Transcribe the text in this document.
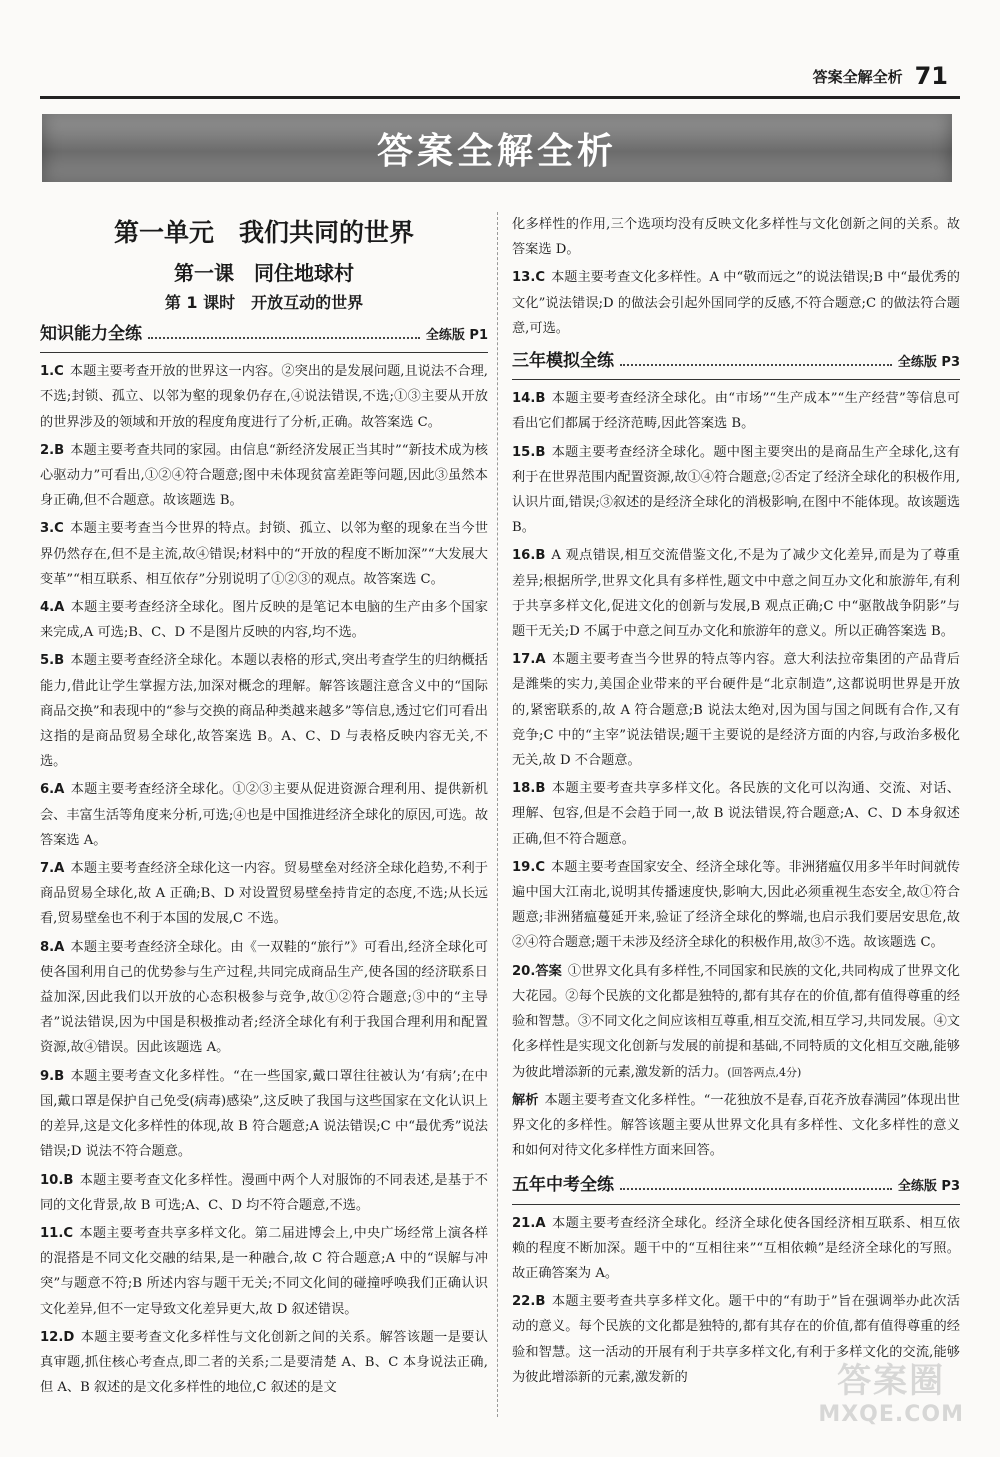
答案全解全析 71
答案全解全析
第一单元　我们共同的世界
第一课　同住地球村
第 1 课时　开放互动的世界
知识能力全练	全练版 P1
1.C 本题主要考查开放的世界这一内容。②突出的是发展问题,且说法不合理,不选;封锁、孤立、以邻为壑的现象仍存在,④说法错误,不选;①③主要从开放的世界涉及的领域和开放的程度角度进行了分析,正确。故答案选 C。
2.B 本题主要考查共同的家园。由信息“新经济发展正当其时”“新技术成为核心驱动力”可看出,①②④符合题意;图中未体现贫富差距等问题,因此③虽然本身正确,但不合题意。故该题选 B。
3.C 本题主要考查当今世界的特点。封锁、孤立、以邻为壑的现象在当今世界仍然存在,但不是主流,故④错误;材料中的“开放的程度不断加深”“大发展大变革”“相互联系、相互依存”分别说明了①②③的观点。故答案选 C。
4.A 本题主要考查经济全球化。图片反映的是笔记本电脑的生产由多个国家来完成,A 可选;B、C、D 不是图片反映的内容,均不选。
5.B 本题主要考查经济全球化。本题以表格的形式,突出考查学生的归纳概括能力,借此让学生掌握方法,加深对概念的理解。解答该题注意含义中的“国际商品交换”和表现中的“参与交换的商品种类越来越多”等信息,透过它们可看出这指的是商品贸易全球化,故答案选 B。A、C、D 与表格反映内容无关,不选。
6.A 本题主要考查经济全球化。①②③主要从促进资源合理利用、提供新机会、丰富生活等角度来分析,可选;④也是中国推进经济全球化的原因,可选。故答案选 A。
7.A 本题主要考查经济全球化这一内容。贸易壁垒对经济全球化趋势,不利于商品贸易全球化,故 A 正确;B、D 对设置贸易壁垒持肯定的态度,不选;从长远看,贸易壁垒也不利于本国的发展,C 不选。
8.A 本题主要考查经济全球化。由《一双鞋的“旅行”》可看出,经济全球化可使各国利用自己的优势参与生产过程,共同完成商品生产,使各国的经济联系日益加深,因此我们以开放的心态积极参与竞争,故①②符合题意;③中的“主导者”说法错误,因为中国是积极推动者;经济全球化有利于我国合理利用和配置资源,故④错误。因此该题选 A。
9.B 本题主要考查文化多样性。“在一些国家,戴口罩往往被认为‘有病’;在中国,戴口罩是保护自己免受(病毒)感染”,这反映了我国与这些国家在文化认识上的差异,这是文化多样性的体现,故 B 符合题意;A 说法错误;C 中“最优秀”说法错误;D 说法不符合题意。
10.B 本题主要考查文化多样性。漫画中两个人对服饰的不同表述,是基于不同的文化背景,故 B 可选;A、C、D 均不符合题意,不选。
11.C 本题主要考查共享多样文化。第二届进博会上,中央广场经常上演各样的混搭是不同文化交融的结果,是一种融合,故 C 符合题意;A 中的“误解与冲突”与题意不符;B 所述内容与题干无关;不同文化间的碰撞呼唤我们正确认识文化差异,但不一定导致文化差异更大,故 D 叙述错误。
12.D 本题主要考查文化多样性与文化创新之间的关系。解答该题一是要认真审题,抓住核心考查点,即二者的关系;二是要清楚 A、B、C 本身说法正确,但 A、B 叙述的是文化多样性的地位,C 叙述的是文
化多样性的作用,三个选项均没有反映文化多样性与文化创新之间的关系。故答案选 D。
13.C 本题主要考查文化多样性。A 中“敬而远之”的说法错误;B 中“最优秀的文化”说法错误;D 的做法会引起外国同学的反感,不符合题意;C 的做法符合题意,可选。
三年模拟全练	全练版 P3
14.B 本题主要考查经济全球化。由“市场”“生产成本”“生产经营”等信息可看出它们都属于经济范畴,因此答案选 B。
15.B 本题主要考查经济全球化。题中图主要突出的是商品生产全球化,这有利于在世界范围内配置资源,故①④符合题意;②否定了经济全球化的积极作用,认识片面,错误;③叙述的是经济全球化的消极影响,在图中不能体现。故该题选 B。
16.B A 观点错误,相互交流借鉴文化,不是为了减少文化差异,而是为了尊重差异;根据所学,世界文化具有多样性,题文中中意之间互办文化和旅游年,有利于共享多样文化,促进文化的创新与发展,B 观点正确;C 中“驱散战争阴影”与题干无关;D 不属于中意之间互办文化和旅游年的意义。所以正确答案选 B。
17.A 本题主要考查当今世界的特点等内容。意大利法拉帝集团的产品背后是潍柴的实力,美国企业带来的平台硬件是“北京制造”,这都说明世界是开放的,紧密联系的,故 A 符合题意;B 说法太绝对,因为国与国之间既有合作,又有竞争;C 中的“主宰”说法错误;题干主要说的是经济方面的内容,与政治多极化无关,故 D 不合题意。
18.B 本题主要考查共享多样文化。各民族的文化可以沟通、交流、对话、理解、包容,但是不会趋于同一,故 B 说法错误,符合题意;A、C、D 本身叙述正确,但不符合题意。
19.C 本题主要考查国家安全、经济全球化等。非洲猪瘟仅用多半年时间就传遍中国大江南北,说明其传播速度快,影响大,因此必须重视生态安全,故①符合题意;非洲猪瘟蔓延开来,验证了经济全球化的弊端,也启示我们要居安思危,故②④符合题意;题干未涉及经济全球化的积极作用,故③不选。故该题选 C。
20.答案 ①世界文化具有多样性,不同国家和民族的文化,共同构成了世界文化大花园。②每个民族的文化都是独特的,都有其存在的价值,都有值得尊重的经验和智慧。③不同文化之间应该相互尊重,相互交流,相互学习,共同发展。④文化多样性是实现文化创新与发展的前提和基础,不同特质的文化相互交融,能够为彼此增添新的元素,激发新的活力。(回答两点,4分)
解析 本题主要考查文化多样性。“一花独放不是春,百花齐放春满园”体现出世界文化的多样性。解答该题主要从世界文化具有多样性、文化多样性的意义和如何对待文化多样性方面来回答。
五年中考全练	全练版 P3
21.A 本题主要考查经济全球化。经济全球化使各国经济相互联系、相互依赖的程度不断加深。题干中的“互相往来”“互相依赖”是经济全球化的写照。故正确答案为 A。
22.B 本题主要考查共享多样文化。题干中的“有助于”旨在强调举办此次活动的意义。每个民族的文化都是独特的,都有其存在的价值,都有值得尊重的经验和智慧。这一活动的开展有利于共享多样文化,有利于多样文化的交流,能够为彼此增添新的元素,激发新的	答案圈
MXQE.COM
